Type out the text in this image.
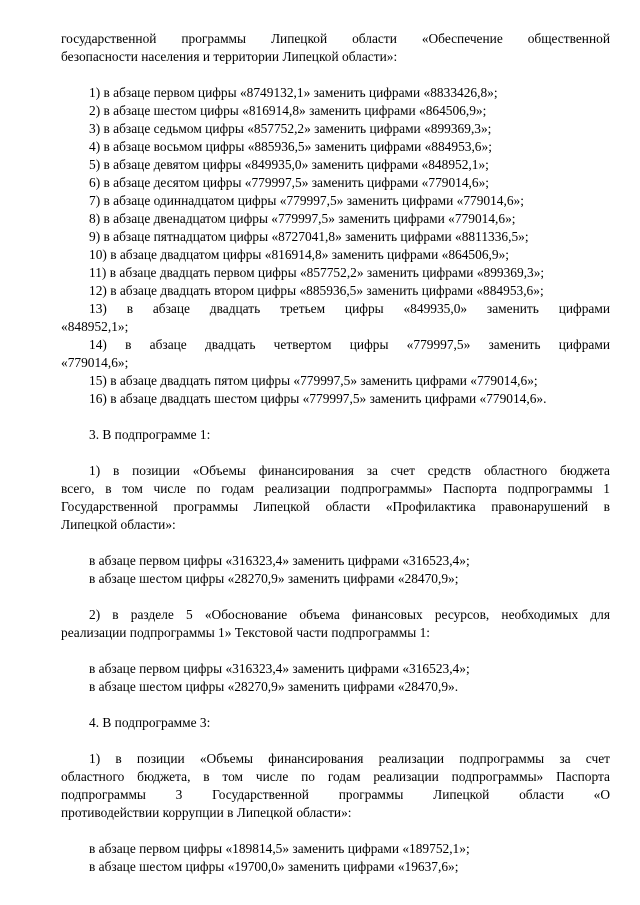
государственной программы Липецкой области «Обеспечение общественной
безопасности населения и территории Липецкой области»:
1) в абзаце первом цифры «8749132,1» заменить цифрами «8833426,8»;
2) в абзаце шестом цифры «816914,8» заменить цифрами «864506,9»;
3) в абзаце седьмом цифры «857752,2» заменить цифрами «899369,3»;
4) в абзаце восьмом цифры «885936,5» заменить цифрами «884953,6»;
5) в абзаце девятом цифры «849935,0» заменить цифрами «848952,1»;
6) в абзаце десятом цифры «779997,5» заменить цифрами «779014,6»;
7) в абзаце одиннадцатом цифры «779997,5» заменить цифрами «779014,6»;
8) в абзаце двенадцатом цифры «779997,5» заменить цифрами «779014,6»;
9) в абзаце пятнадцатом цифры «8727041,8» заменить цифрами «8811336,5»;
10) в абзаце двадцатом цифры «816914,8» заменить цифрами «864506,9»;
11) в абзаце двадцать первом цифры «857752,2» заменить цифрами «899369,3»;
12) в абзаце двадцать втором цифры «885936,5» заменить цифрами «884953,6»;
13) в абзаце двадцать третьем цифры «849935,0» заменить цифрами
«848952,1»;
14) в абзаце двадцать четвертом цифры «779997,5» заменить цифрами
«779014,6»;
15) в абзаце двадцать пятом цифры «779997,5» заменить цифрами «779014,6»;
16) в абзаце двадцать шестом цифры «779997,5» заменить цифрами «779014,6».
3. В подпрограмме 1:
1) в позиции «Объемы финансирования за счет средств областного бюджета
всего, в том числе по годам реализации подпрограммы» Паспорта подпрограммы 1
Государственной программы Липецкой области «Профилактика правонарушений в
Липецкой области»:
в абзаце первом цифры «316323,4» заменить цифрами «316523,4»;
в абзаце шестом цифры «28270,9» заменить цифрами «28470,9»;
2) в разделе 5 «Обоснование объема финансовых ресурсов, необходимых для
реализации подпрограммы 1» Текстовой части подпрограммы 1:
в абзаце первом цифры «316323,4» заменить цифрами «316523,4»;
в абзаце шестом цифры «28270,9» заменить цифрами «28470,9».
4. В подпрограмме 3:
1) в позиции «Объемы финансирования реализации подпрограммы за счет
областного бюджета, в том числе по годам реализации подпрограммы» Паспорта
подпрограммы 3 Государственной программы Липецкой области «О
противодействии коррупции в Липецкой области»:
в абзаце первом цифры «189814,5» заменить цифрами «189752,1»;
в абзаце шестом цифры «19700,0» заменить цифрами «19637,6»;
